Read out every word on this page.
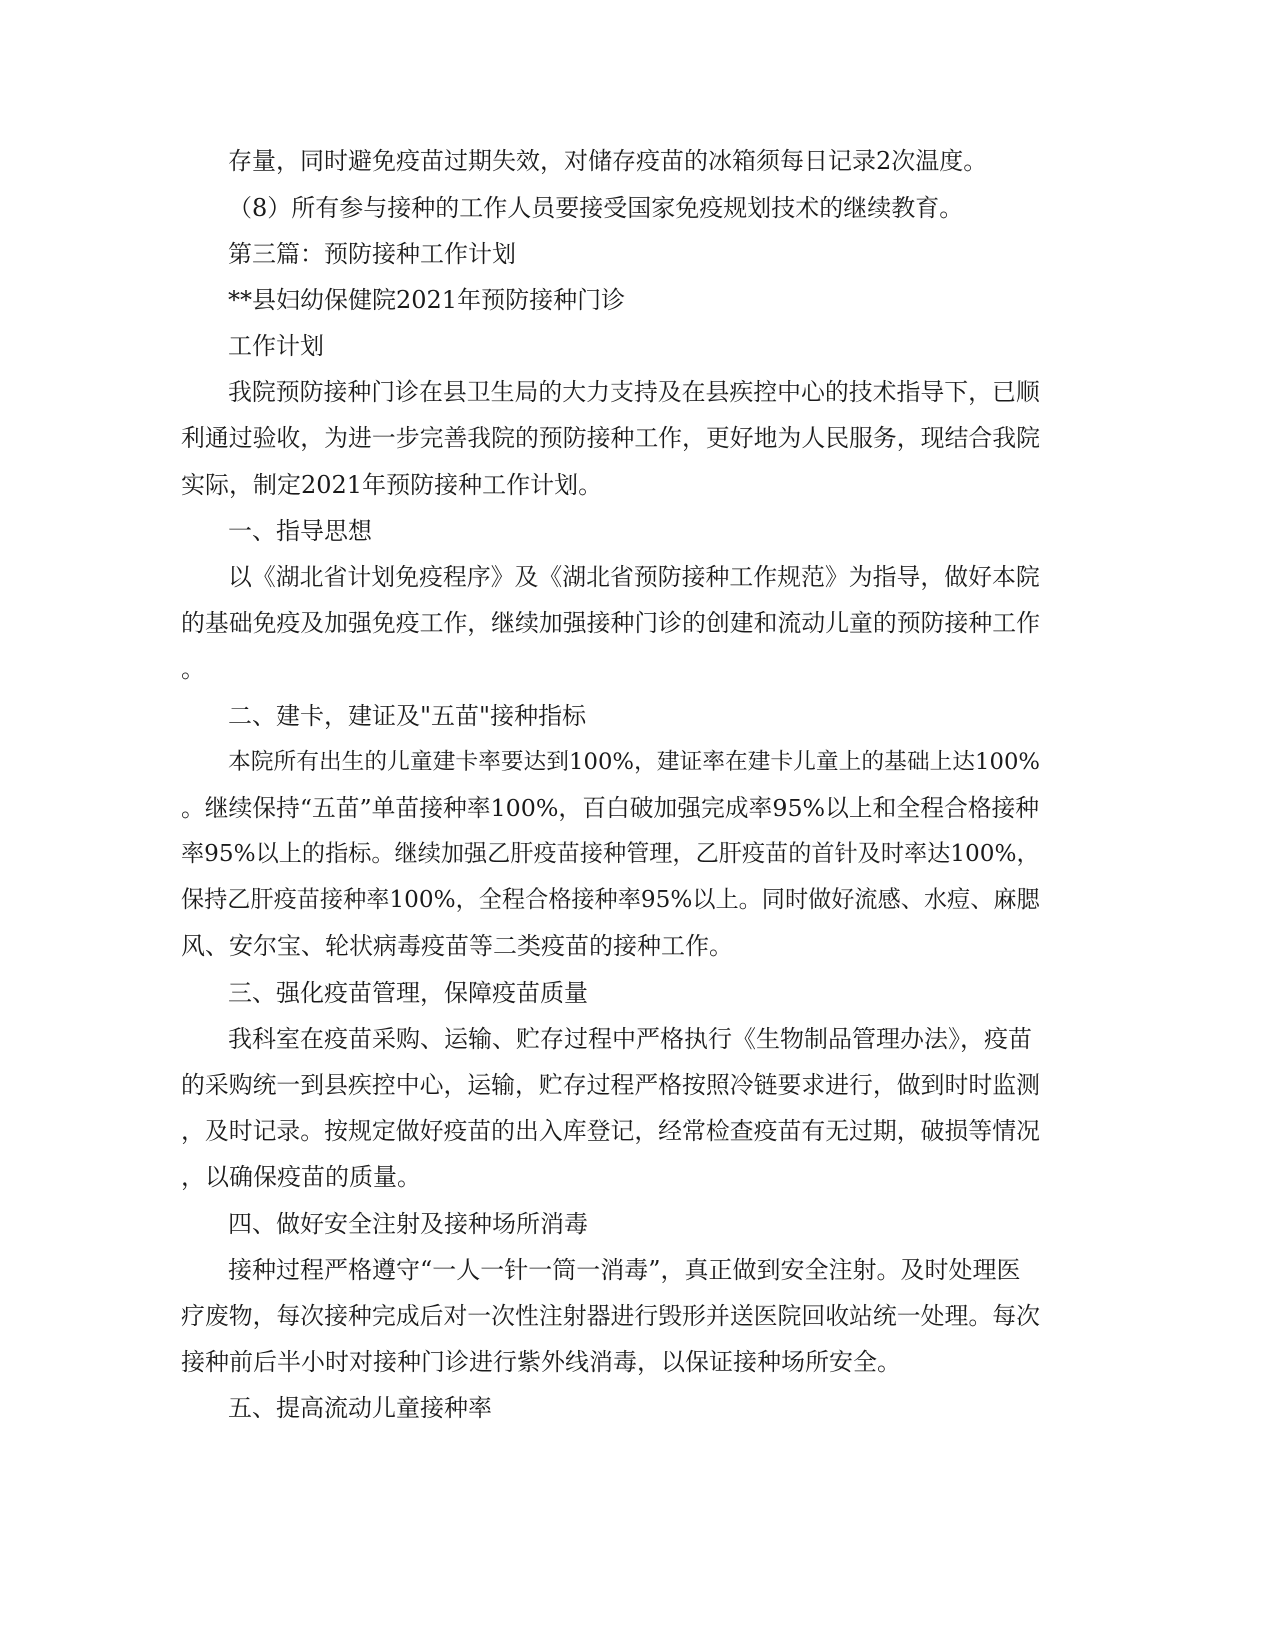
存量，同时避免疫苗过期失效，对储存疫苗的冰箱须每日记录2次温度。

（8）所有参与接种的工作人员要接受国家免疫规划技术的继续教育。

第三篇：预防接种工作计划

**县妇幼保健院2021年预防接种门诊

工作计划

我院预防接种门诊在县卫生局的大力支持及在县疾控中心的技术指导下，已顺

利通过验收，为进一步完善我院的预防接种工作，更好地为人民服务，现结合我院

实际，制定2021年预防接种工作计划。

一、指导思想

以《湖北省计划免疫程序》及《湖北省预防接种工作规范》为指导，做好本院

的基础免疫及加强免疫工作，继续加强接种门诊的创建和流动儿童的预防接种工作

。

二、建卡，建证及"五苗"接种指标

本院所有出生的儿童建卡率要达到100%，建证率在建卡儿童上的基础上达100%

。继续保持“五苗”单苗接种率100%，百白破加强完成率95%以上和全程合格接种

率95%以上的指标。继续加强乙肝疫苗接种管理，乙肝疫苗的首针及时率达100%，

保持乙肝疫苗接种率100%，全程合格接种率95%以上。同时做好流感、水痘、麻腮

风、安尔宝、轮状病毒疫苗等二类疫苗的接种工作。

三、强化疫苗管理，保障疫苗质量

我科室在疫苗采购、运输、贮存过程中严格执行《生物制品管理办法》，疫苗

的采购统一到县疾控中心，运输，贮存过程严格按照冷链要求进行，做到时时监测

，及时记录。按规定做好疫苗的出入库登记，经常检查疫苗有无过期，破损等情况

，以确保疫苗的质量。

四、做好安全注射及接种场所消毒

接种过程严格遵守“一人一针一筒一消毒”，真正做到安全注射。及时处理医

疗废物，每次接种完成后对一次性注射器进行毁形并送医院回收站统一处理。每次

接种前后半小时对接种门诊进行紫外线消毒，以保证接种场所安全。

五、提高流动儿童接种率
